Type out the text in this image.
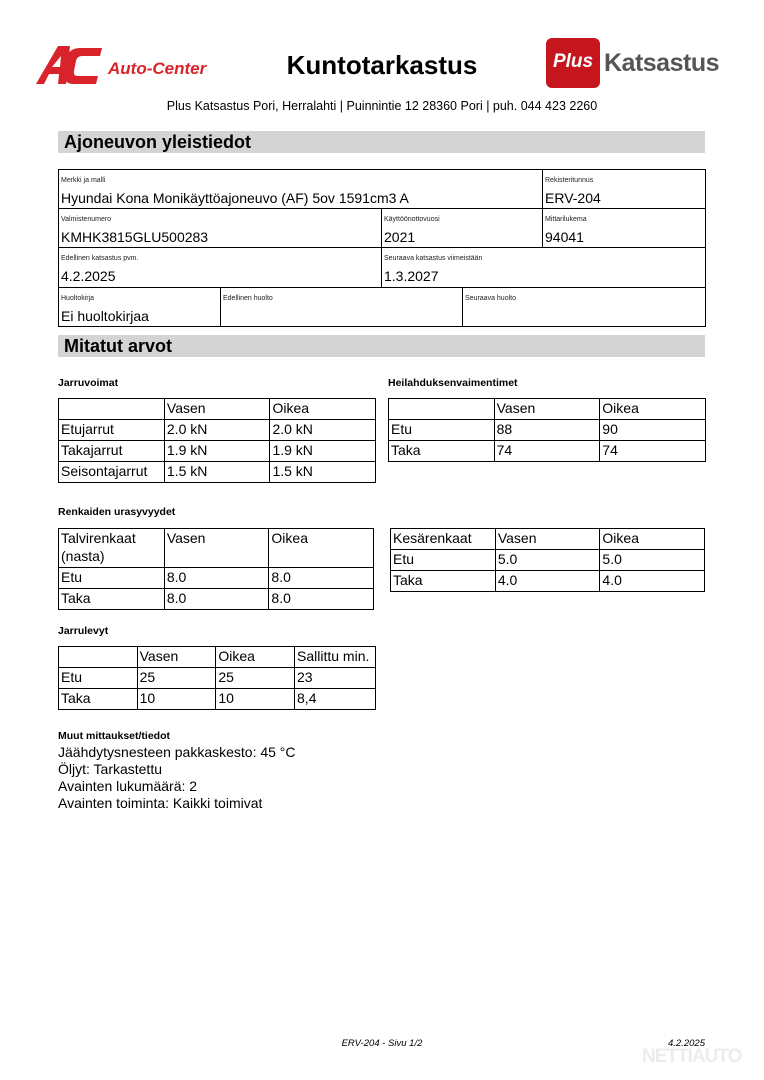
Auto-Center	Kuntotarkastus	Plus Katsastus
Plus Katsastus Pori, Herralahti | Puinnintie 12 28360 Pori | puh. 044 423 2260
Ajoneuvon yleistiedot
Merkki ja malli
Hyundai Kona Monikäyttöajoneuvo (AF) 5ov 1591cm3 A
Rekisteritunnus
ERV-204
Valmistenumero
KMHK3815GLU500283
Käyttöönottovuosi
2021
Mittarilukema
94041
Edellinen katsastus pvm.
4.2.2025
Seuraava katsastus viimeistään
1.3.2027
Huoltokirja
Ei huoltokirjaa
Edellinen huolto	Seuraava huolto
Mitatut arvot
Jarruvoimat
	Vasen	Oikea
Etujarrut	2.0 kN	2.0 kN
Takajarrut	1.9 kN	1.9 kN
Seisontajarrut	1.5 kN	1.5 kN
Heilahduksenvaimentimet
	Vasen	Oikea
Etu	88	90
Taka	74	74
Renkaiden urasyvyydet
Talvirenkaat (nasta)	Vasen	Oikea
Etu	8.0	8.0
Taka	8.0	8.0
Kesärenkaat	Vasen	Oikea
Etu	5.0	5.0
Taka	4.0	4.0
Jarrulevyt
	Vasen	Oikea	Sallittu min.
Etu	25	25	23
Taka	10	10	8,4
Muut mittaukset/tiedot
Jäähdytysnesteen pakkaskesto: 45 °C
Öljyt: Tarkastettu
Avainten lukumäärä: 2
Avainten toiminta: Kaikki toimivat
ERV-204 - Sivu 1/2	4.2.2025
NETTIAUTO
